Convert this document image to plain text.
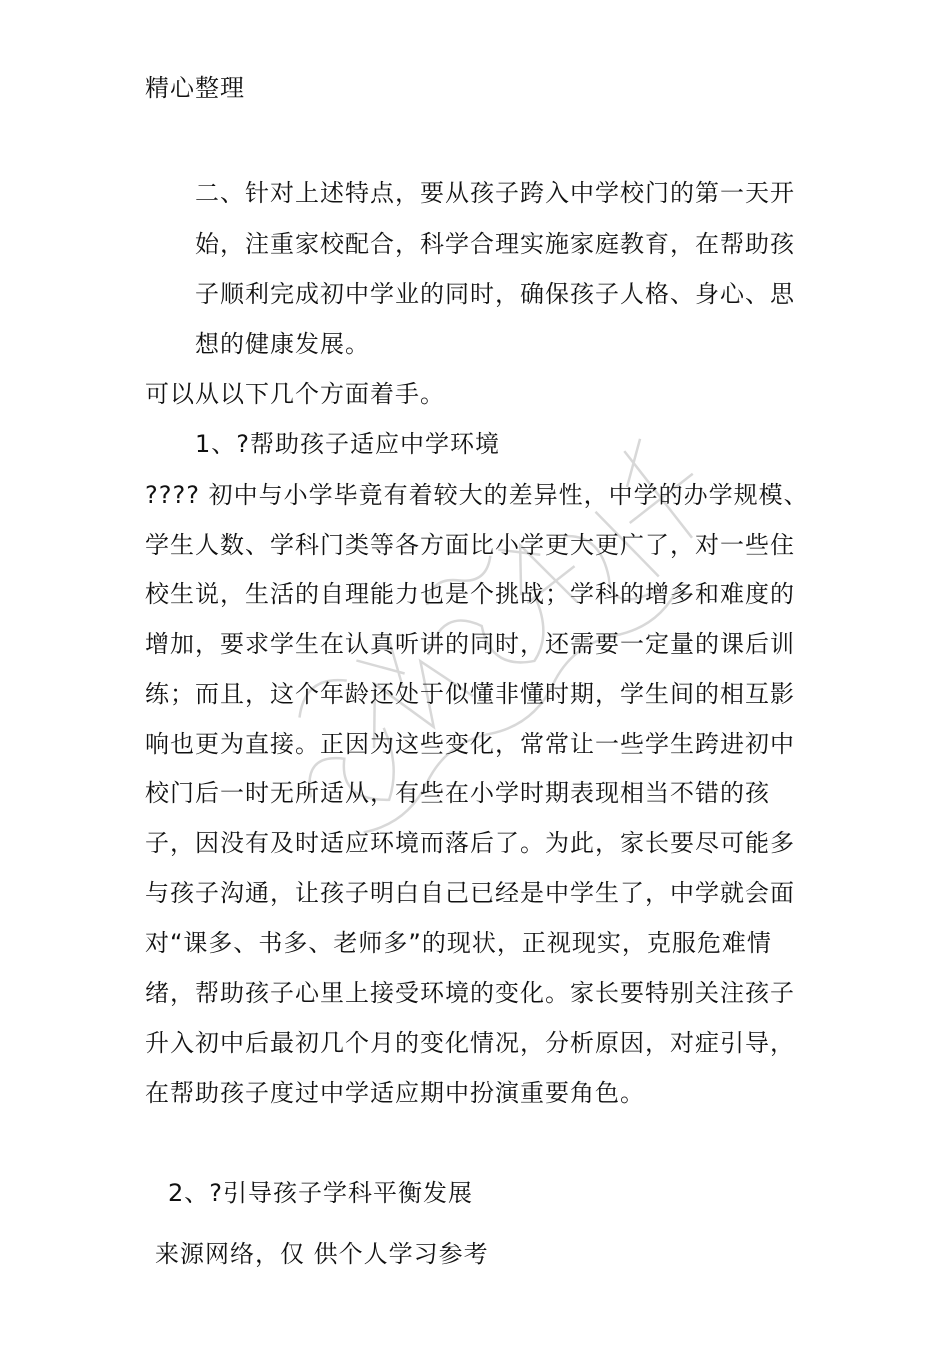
精心整理
二、针对上述特点，要从孩子跨入中学校门的第一天开
始，注重家校配合，科学合理实施家庭教育，在帮助孩
子顺利完成初中学业的同时，确保孩子人格、身心、思
想的健康发展。
可以从以下几个方面着手。
1、?帮助孩子适应中学环境
???? 初中与小学毕竟有着较大的差异性，中学的办学规模、
学生人数、学科门类等各方面比小学更大更广了，对一些住
校生说，生活的自理能力也是个挑战；学科的增多和难度的
增加，要求学生在认真听讲的同时，还需要一定量的课后训
练；而且，这个年龄还处于似懂非懂时期，学生间的相互影
响也更为直接。正因为这些变化，常常让一些学生跨进初中
校门后一时无所适从，有些在小学时期表现相当不错的孩
子，因没有及时适应环境而落后了。为此，家长要尽可能多
与孩子沟通，让孩子明白自己已经是中学生了，中学就会面
对“课多、书多、老师多”的现状，正视现实，克服危难情
绪，帮助孩子心里上接受环境的变化。家长要特别关注孩子
升入初中后最初几个月的变化情况，分析原因，对症引导，
在帮助孩子度过中学适应期中扮演重要角色。
2、?引导孩子学科平衡发展
来源网络，仅 供个人学习参考
